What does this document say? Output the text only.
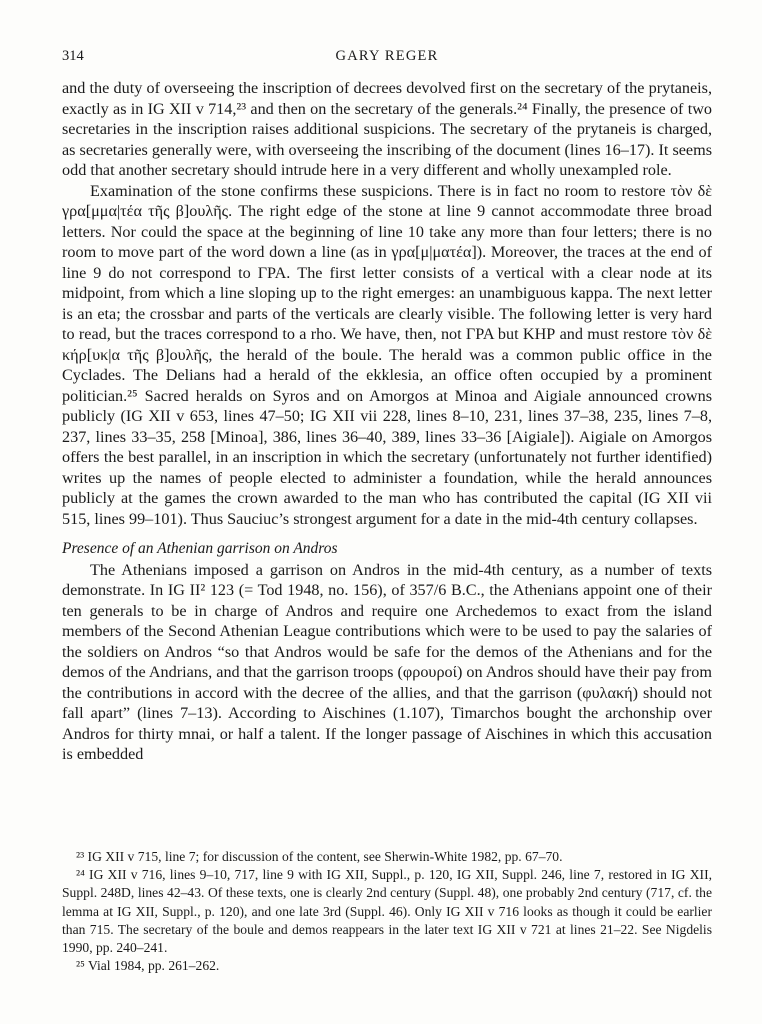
314	GARY REGER

and the duty of overseeing the inscription of decrees devolved first on the secretary of the prytaneis, exactly as in IG XII v 714,²³ and then on the secretary of the generals.²⁴ Finally, the presence of two secretaries in the inscription raises additional suspicions. The secretary of the prytaneis is charged, as secretaries generally were, with overseeing the inscribing of the document (lines 16–17). It seems odd that another secretary should intrude here in a very different and wholly unexampled role.

Examination of the stone confirms these suspicions. There is in fact no room to restore τὸν δὲ γρα[μμα|τέα τῆς β]ουλῆς. The right edge of the stone at line 9 cannot accommodate three broad letters. Nor could the space at the beginning of line 10 take any more than four letters; there is no room to move part of the word down a line (as in γρα[μ|ματέα]). Moreover, the traces at the end of line 9 do not correspond to ΓΡΑ. The first letter consists of a vertical with a clear node at its midpoint, from which a line sloping up to the right emerges: an unambiguous kappa. The next letter is an eta; the crossbar and parts of the verticals are clearly visible. The following letter is very hard to read, but the traces correspond to a rho. We have, then, not ΓΡΑ but ΚΗΡ and must restore τὸν δὲ κήρ[υκ|α τῆς β]ουλῆς, the herald of the boule. The herald was a common public office in the Cyclades. The Delians had a herald of the ekklesia, an office often occupied by a prominent politician.²⁵ Sacred heralds on Syros and on Amorgos at Minoa and Aigiale announced crowns publicly (IG XII v 653, lines 47–50; IG XII vii 228, lines 8–10, 231, lines 37–38, 235, lines 7–8, 237, lines 33–35, 258 [Minoa], 386, lines 36–40, 389, lines 33–36 [Aigiale]). Aigiale on Amorgos offers the best parallel, in an inscription in which the secretary (unfortunately not further identified) writes up the names of people elected to administer a foundation, while the herald announces publicly at the games the crown awarded to the man who has contributed the capital (IG XII vii 515, lines 99–101). Thus Sauciuc’s strongest argument for a date in the mid-4th century collapses.

Presence of an Athenian garrison on Andros

The Athenians imposed a garrison on Andros in the mid-4th century, as a number of texts demonstrate. In IG II² 123 (= Tod 1948, no. 156), of 357/6 B.C., the Athenians appoint one of their ten generals to be in charge of Andros and require one Archedemos to exact from the island members of the Second Athenian League contributions which were to be used to pay the salaries of the soldiers on Andros “so that Andros would be safe for the demos of the Athenians and for the demos of the Andrians, and that the garrison troops (φρουροί) on Andros should have their pay from the contributions in accord with the decree of the allies, and that the garrison (φυλακή) should not fall apart” (lines 7–13). According to Aischines (1.107), Timarchos bought the archonship over Andros for thirty mnai, or half a talent. If the longer passage of Aischines in which this accusation is embedded

²³ IG XII v 715, line 7; for discussion of the content, see Sherwin-White 1982, pp. 67–70.

²⁴ IG XII v 716, lines 9–10, 717, line 9 with IG XII, Suppl., p. 120, IG XII, Suppl. 246, line 7, restored in IG XII, Suppl. 248D, lines 42–43. Of these texts, one is clearly 2nd century (Suppl. 48), one probably 2nd century (717, cf. the lemma at IG XII, Suppl., p. 120), and one late 3rd (Suppl. 46). Only IG XII v 716 looks as though it could be earlier than 715. The secretary of the boule and demos reappears in the later text IG XII v 721 at lines 21–22. See Nigdelis 1990, pp. 240–241.

²⁵ Vial 1984, pp. 261–262.
